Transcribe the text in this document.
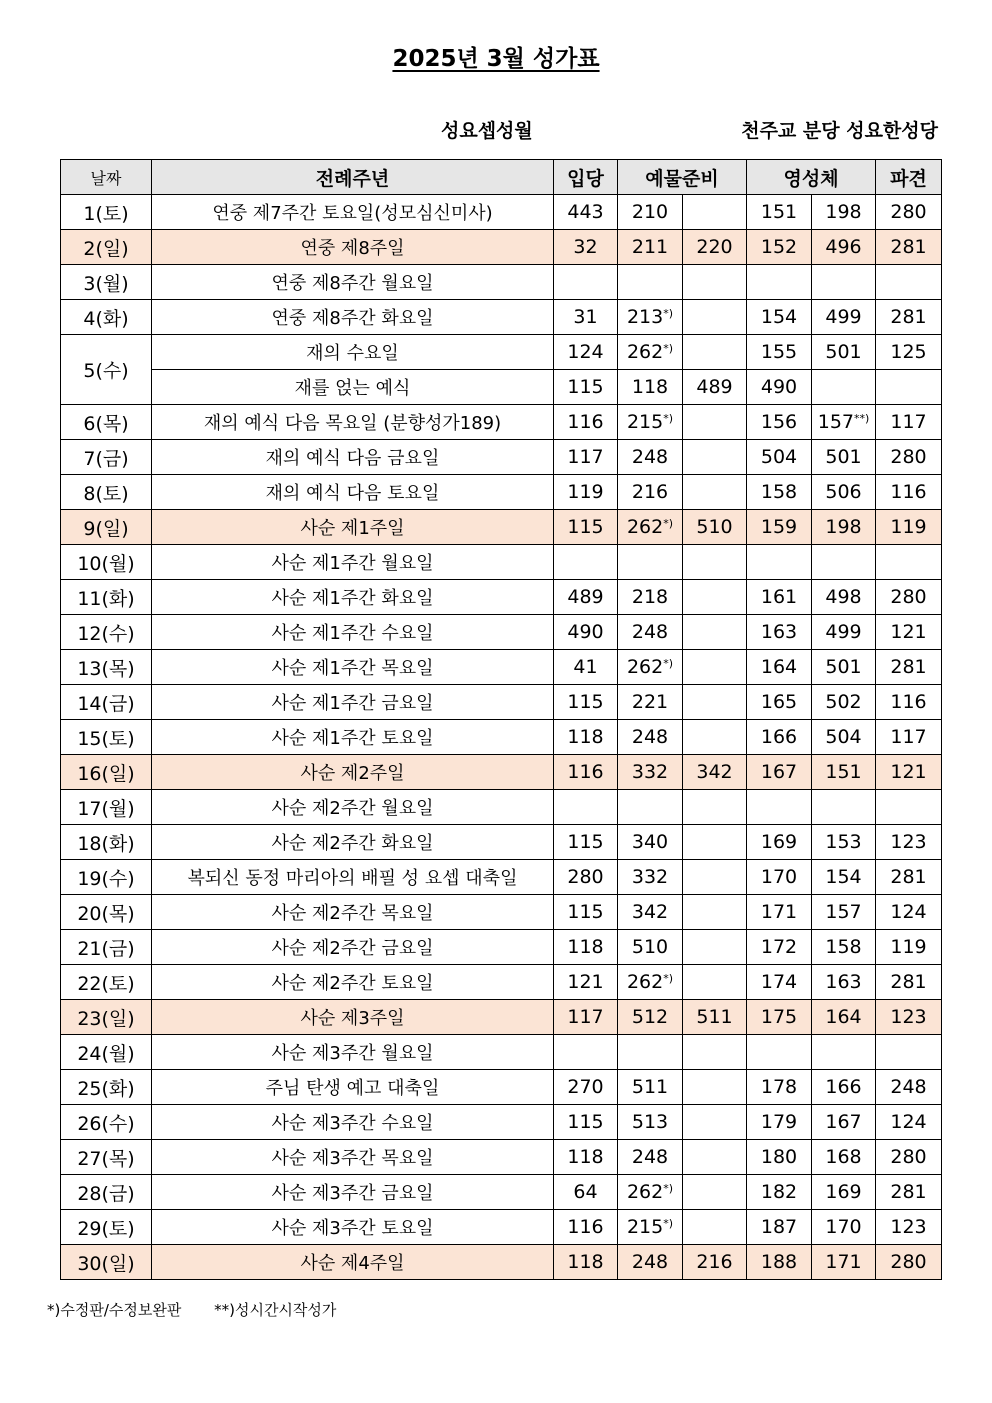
2025년 3월 성가표
성요셉성월	천주교 분당 성요한성당
날짜	전례주년	입당	예물준비		영성체		파견
1(토)	연중 제7주간 토요일(성모심신미사)	443	210		151	198	280
2(일)	연중 제8주일	32	211	220	152	496	281
3(월)	연중 제8주간 월요일						
4(화)	연중 제8주간 화요일	31	213*)		154	499	281
5(수)	재의 수요일	124	262*)		155	501	125
	재를 얹는 예식	115	118	489	490		
6(목)	재의 예식 다음 목요일 (분향성가189)	116	215*)		156	157**)	117
7(금)	재의 예식 다음 금요일	117	248		504	501	280
8(토)	재의 예식 다음 토요일	119	216		158	506	116
9(일)	사순 제1주일	115	262*)	510	159	198	119
10(월)	사순 제1주간 월요일						
11(화)	사순 제1주간 화요일	489	218		161	498	280
12(수)	사순 제1주간 수요일	490	248		163	499	121
13(목)	사순 제1주간 목요일	41	262*)		164	501	281
14(금)	사순 제1주간 금요일	115	221		165	502	116
15(토)	사순 제1주간 토요일	118	248		166	504	117
16(일)	사순 제2주일	116	332	342	167	151	121
17(월)	사순 제2주간 월요일						
18(화)	사순 제2주간 화요일	115	340		169	153	123
19(수)	복되신 동정 마리아의 배필 성 요셉 대축일	280	332		170	154	281
20(목)	사순 제2주간 목요일	115	342		171	157	124
21(금)	사순 제2주간 금요일	118	510		172	158	119
22(토)	사순 제2주간 토요일	121	262*)		174	163	281
23(일)	사순 제3주일	117	512	511	175	164	123
24(월)	사순 제3주간 월요일						
25(화)	주님 탄생 예고 대축일	270	511		178	166	248
26(수)	사순 제3주간 수요일	115	513		179	167	124
27(목)	사순 제3주간 목요일	118	248		180	168	280
28(금)	사순 제3주간 금요일	64	262*)		182	169	281
29(토)	사순 제3주간 토요일	116	215*)		187	170	123
30(일)	사순 제4주일	118	248	216	188	171	280
*)수정판/수정보완판 **)성시간시작성가
